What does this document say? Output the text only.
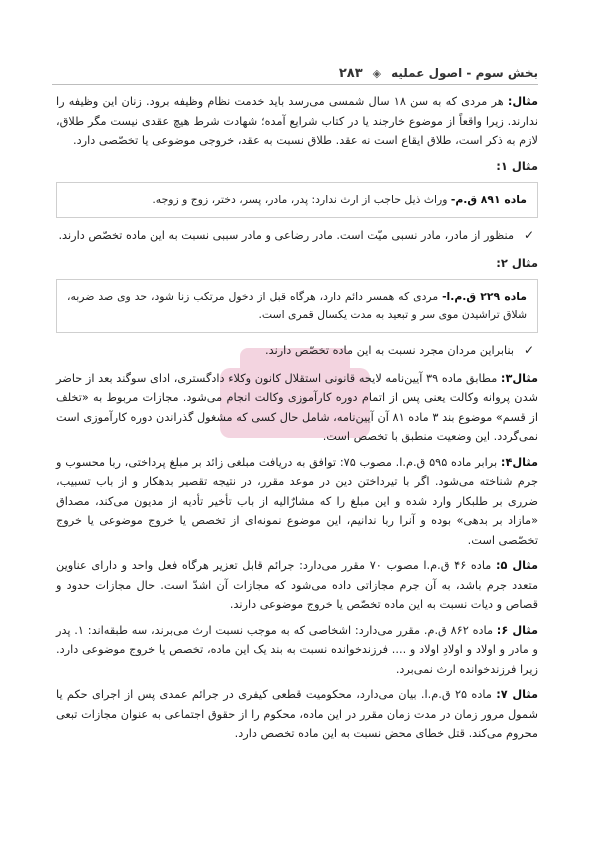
بخش سوم - اصول عملیه
◈
۲۸۳

مثال: هر مردی که به سن ۱۸ سال شمسی می‌رسد باید خدمت نظام وظیفه برود. زنان این وظیفه را ندارند. زیرا واقعاً از موضوع خارجند یا در کتاب شرایع آمده؛ شهادت شرط هیچ عقدی نیست مگر طلاق، لازم به ذکر است، طلاق ایقاع است نه عقد. طلاق نسبت به عقد، خروجی موضوعی یا تخصّصی دارد.

مثال ۱:
ماده ۸۹۱ ق.م- وراث ذیل حاجب از ارث ندارد: پدر، مادر، پسر، دختر، زوج و زوجه.
✓
منظور از مادر، مادر نسبی میّت است. مادر رضاعی و مادر سببی نسبت به این ماده تخصّص دارند.
مثال ۲:
ماده ۲۲۹ ق.م.ا- مردی که همسر دائم دارد، هرگاه قبل از دخول مرتکب زنا شود، حد وی صد ضربه، شلاق تراشیدن موی سر و تبعید به مدت یکسال قمری است.
✓
بنابراین مردان مجرد نسبت به این ماده تخصّص دارند.

مثال۳: مطابق ماده ۳۹ آیین‌نامه لایحه قانونی استقلال کانون وکلاء دادگستری، ادای سوگند بعد از حاضر شدن پروانه وکالت یعنی پس از اتمام دوره کارآموزی وکالت انجام می‌شود. مجازات مربوط به «تخلف از قسم» موضوع بند ۳ ماده ۸۱ آن آیین‌نامه، شامل حال کسی که مشغول گذراندن دوره کارآموزی است نمی‌گردد. این وضعیت منطبق با تخصص است.

مثال۴: برابر ماده ۵۹۵ ق.م.ا. مصوب ۷۵: توافق به دریافت مبلغی زائد بر مبلغ پرداختی، ربا محسوب و جرم شناخته می‌شود. اگر با تیرداختن دین در موعد مقرر، در نتیجه تقصیر بدهکار و از باب تسبیب، ضرری بر طلبکار وارد شده و این مبلغ را که مشارٌالیه از باب تأخیر تأدیه از مدیون می‌کند، مصداق «مازاد بر بدهی» بوده و آنرا ربا ندانیم، این موضوع نمونه‌ای از تخصص یا خروج موضوعی یا خروج تخصّصی است.

مثال ۵: ماده ۴۶ ق.م.ا مصوب ۷۰ مقرر می‌دارد: جرائم قابل تعزیر هرگاه فعل واحد و دارای عناوین متعدد جرم باشد، به آن جرم مجازاتی داده می‌شود که مجازات آن اشدّ است. حال مجازات حدود و قصاص و دیات نسبت به این ماده تخصّص یا خروج موضوعی دارند.

مثال ۶: ماده ۸۶۲ ق.م. مقرر می‌دارد: اشخاصی که به موجب نسبت ارث می‌برند، سه طبقه‌اند: ۱. پدر و مادر و اولاد و اولادِ اولاد و .... فرزندخوانده نسبت به بند یک این ماده، تخصص یا خروج موضوعی دارد. زیرا فرزندخوانده ارث نمی‌برد.

مثال ۷: ماده ۲۵ ق.م.ا. بیان می‌دارد، محکومیت قطعی کیفری در جرائم عمدی پس از اجرای حکم یا شمول مرور زمان در مدت زمان مقرر در این ماده، محکوم را از حقوق اجتماعی به عنوان مجازات تبعی محروم می‌کند. قتل خطای محض نسبت به این ماده تخصص دارد.
